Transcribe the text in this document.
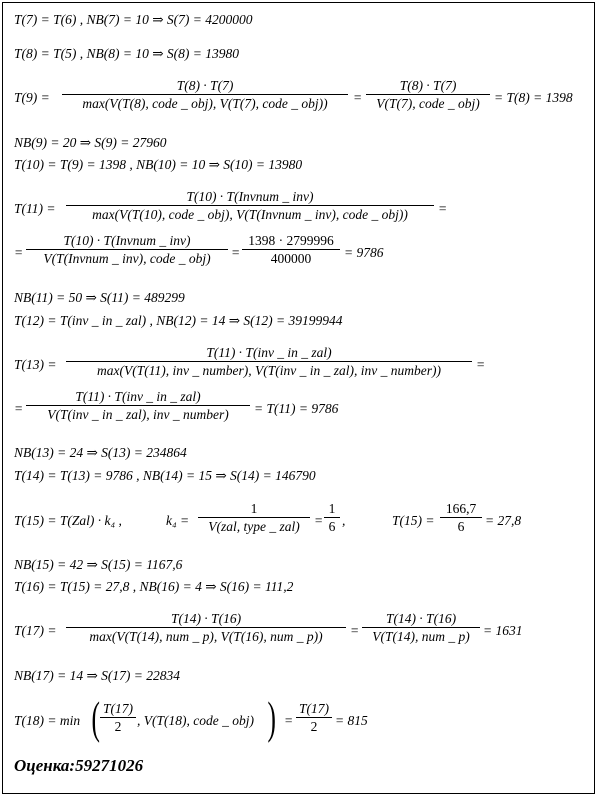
T(7) = T(6) , NB(7) = 10 ⇒ S(7) = 4200000
T(8) = T(5) , NB(8) = 10 ⇒ S(8) = 13980
T(9) =
T(8) · T(7)
max(V(T(8), code _ obj), V(T(7), code _ obj))	=
T(8) · T(7)
V(T(7), code _ obj)	= T(8) = 1398
NB(9) = 20 ⇒ S(9) = 27960
T(10) = T(9) = 1398 , NB(10) = 10 ⇒ S(10) = 13980
T(11) =
T(10) · T(Invnum _ inv)
max(V(T(10), code _ obj), V(T(Invnum _ inv), code _ obj))	=
=
T(10) · T(Invnum _ inv)
V(T(Invnum _ inv), code _ obj)	= $\frac{1398 \cdot 2799996}{400000} = 9786$
NB(11) = 50 ⇒ S(11) = 489299
T(12) = T(inv _ in _ zal) , NB(12) = 14 ⇒ S(12) = 39199944
T(13) =
T(11) · T(inv _ in _ zal)
max(V(T(11), inv _ number), V(T(inv _ in _ zal), inv _ number))	=
=
T(11) · T(inv _ in _ zal)
V(T(inv _ in _ zal), inv _ number)	= T(11) = 9786
NB(13) = 24 ⇒ S(13) = 234864
T(14) = T(13) = 9786 , NB(14) = 15 ⇒ S(14) = 146790
T(15) = T(Zal) · k₄ ,	k₄ =
1
V(zal, type _ zal)	= $\frac{1}{6}$ ,	$T(15) = \frac{166,7}{6} = 27,8$
NB(15) = 42 ⇒ S(15) = 1167,6
T(16) = T(15) = 27,8 , NB(16) = 4 ⇒ S(16) = 111,2
T(17) =
T(14) · T(16)
max(V(T(14), num _ p), V(T(16), num _ p))	=
T(14) · T(16)
V(T(14), num _ p) = 1631
NB(17) = 14 ⇒ S(17) = 22834
T(18) = min ( $\frac{T(17)}{2}$ , V(T(18), code _ obj) ) = $\frac{T(17)}{2} = 815$
Оценка:59271026
